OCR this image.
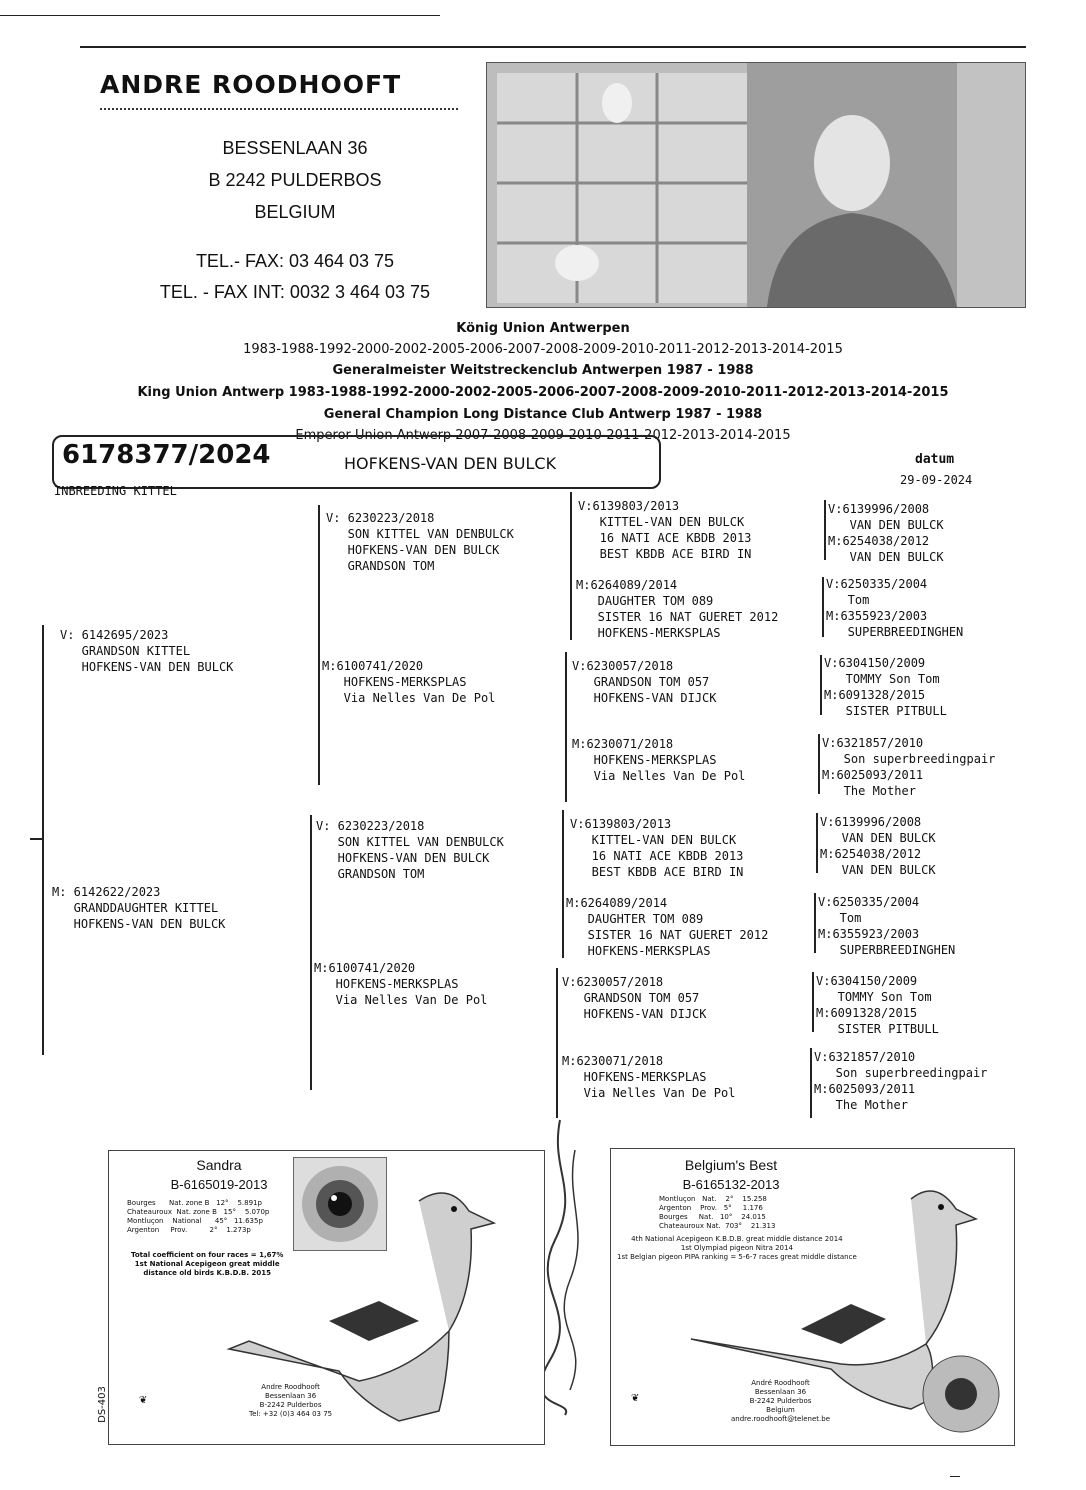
ANDRE ROODHOOFT
BESSENLAAN 36
B 2242 PULDERBOS
BELGIUM
TEL.- FAX: 03 464 03 75
TEL. - FAX INT: 0032 3 464 03 75
König Union Antwerpen
1983-1988-1992-2000-2002-2005-2006-2007-2008-2009-2010-2011-2012-2013-2014-2015
Generalmeister Weitstreckenclub Antwerpen 1987 - 1988
King Union Antwerp 1983-1988-1992-2000-2002-2005-2006-2007-2008-2009-2010-2011-2012-2013-2014-2015
General Champion Long Distance Club Antwerp 1987 - 1988
Emperor Union Antwerp 2007-2008-2009-2010-2011-2012-2013-2014-2015
6178377/2024	HOFKENS-VAN DEN BULCK	datum
29-09-2024
INBREEDING KITTEL
V: 6142695/2023
GRANDSON KITTEL
HOFKENS-VAN DEN BULCK
M: 6142622/2023
GRANDDAUGHTER KITTEL
HOFKENS-VAN DEN BULCK
V: 6230223/2018
SON KITTEL VAN DENBULCK
HOFKENS-VAN DEN BULCK
GRANDSON TOM
M:6100741/2020
HOFKENS-MERKSPLAS
Via Nelles Van De Pol
V: 6230223/2018
SON KITTEL VAN DENBULCK
HOFKENS-VAN DEN BULCK
GRANDSON TOM
M:6100741/2020
HOFKENS-MERKSPLAS
Via Nelles Van De Pol
V:6139803/2013
KITTEL-VAN DEN BULCK
16 NATI ACE KBDB 2013
BEST KBDB ACE BIRD IN
M:6264089/2014
DAUGHTER TOM 089
SISTER 16 NAT GUERET 2012
HOFKENS-MERKSPLAS
V:6230057/2018
GRANDSON TOM 057
HOFKENS-VAN DIJCK
M:6230071/2018
HOFKENS-MERKSPLAS
Via Nelles Van De Pol
V:6139803/2013
KITTEL-VAN DEN BULCK
16 NATI ACE KBDB 2013
BEST KBDB ACE BIRD IN
M:6264089/2014
DAUGHTER TOM 089
SISTER 16 NAT GUERET 2012
HOFKENS-MERKSPLAS
V:6230057/2018
GRANDSON TOM 057
HOFKENS-VAN DIJCK
M:6230071/2018
HOFKENS-MERKSPLAS
Via Nelles Van De Pol
V:6139996/2008
VAN DEN BULCK
M:6254038/2012
VAN DEN BULCK
V:6250335/2004
Tom
M:6355923/2003
SUPERBREEDINGHEN
V:6304150/2009
TOMMY Son Tom
M:6091328/2015
SISTER PITBULL
V:6321857/2010
Son superbreedingpair
M:6025093/2011
The Mother
V:6139996/2008
VAN DEN BULCK
M:6254038/2012
VAN DEN BULCK
V:6250335/2004
Tom
M:6355923/2003
SUPERBREEDINGHEN
V:6304150/2009
TOMMY Son Tom
M:6091328/2015
SISTER PITBULL
V:6321857/2010
Son superbreedingpair
M:6025093/2011
The Mother
Sandra
B-6165019-2013
Bourges      Nat. zone B   12°    5.891p
Chateauroux  Nat. zone B   15°    5.070p
Montluçon    National      45°   11.635p
Argenton     Prov.          2°    1.273p
Total coefficient on four races = 1,67%
1st National Acepigeon great middle
distance old birds K.B.D.B. 2015
Andre Roodhooft
Bessenlaan 36
B-2242 Pulderbos
Tel: +32 (0)3 464 03 75
❦
DS-403
Belgium's Best
B-6165132-2013
Montluçon   Nat.    2°    15.258
Argenton    Prov.   5°     1.176
Bourges     Nat.   10°    24.015
Chateauroux Nat.  703°    21.313
4th National Acepigeon K.B.D.B. great middle distance 2014
1st Olympiad pigeon Nitra 2014
1st Belgian pigeon PIPA ranking = 5-6-7 races great middle distance
André Roodhooft
Bessenlaan 36
B-2242 Pulderbos
Belgium
andre.roodhooft@telenet.be
❦
